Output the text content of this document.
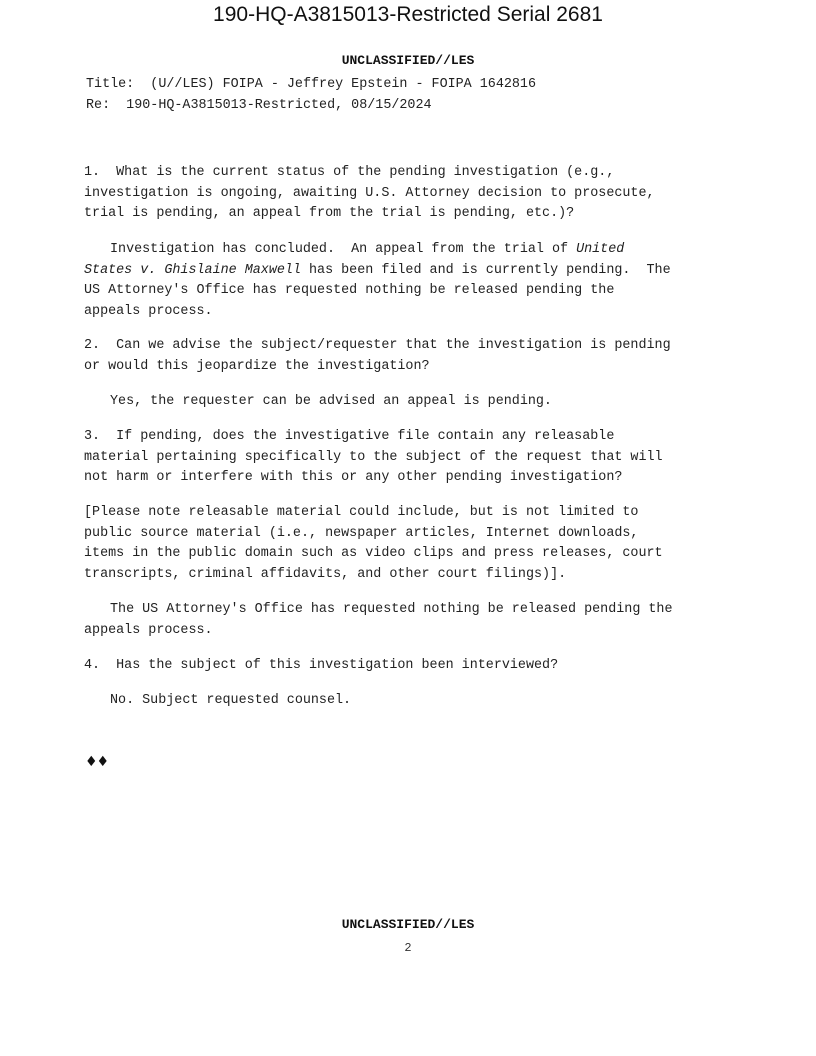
190-HQ-A3815013-Restricted Serial 2681
UNCLASSIFIED//LES
Title:  (U//LES) FOIPA - Jeffrey Epstein - FOIPA 1642816
Re:  190-HQ-A3815013-Restricted, 08/15/2024
1.  What is the current status of the pending investigation (e.g.,
investigation is ongoing, awaiting U.S. Attorney decision to prosecute,
trial is pending, an appeal from the trial is pending, etc.)?
Investigation has concluded.  An appeal from the trial of United
States v. Ghislaine Maxwell has been filed and is currently pending.  The
US Attorney's Office has requested nothing be released pending the
appeals process.
2.  Can we advise the subject/requester that the investigation is pending
or would this jeopardize the investigation?
Yes, the requester can be advised an appeal is pending.
3.  If pending, does the investigative file contain any releasable
material pertaining specifically to the subject of the request that will
not harm or interfere with this or any other pending investigation?
[Please note releasable material could include, but is not limited to
public source material (i.e., newspaper articles, Internet downloads,
items in the public domain such as video clips and press releases, court
transcripts, criminal affidavits, and other court filings)].
The US Attorney's Office has requested nothing be released pending the
appeals process.
4.  Has the subject of this investigation been interviewed?
No. Subject requested counsel.
♦♦
UNCLASSIFIED//LES
2
